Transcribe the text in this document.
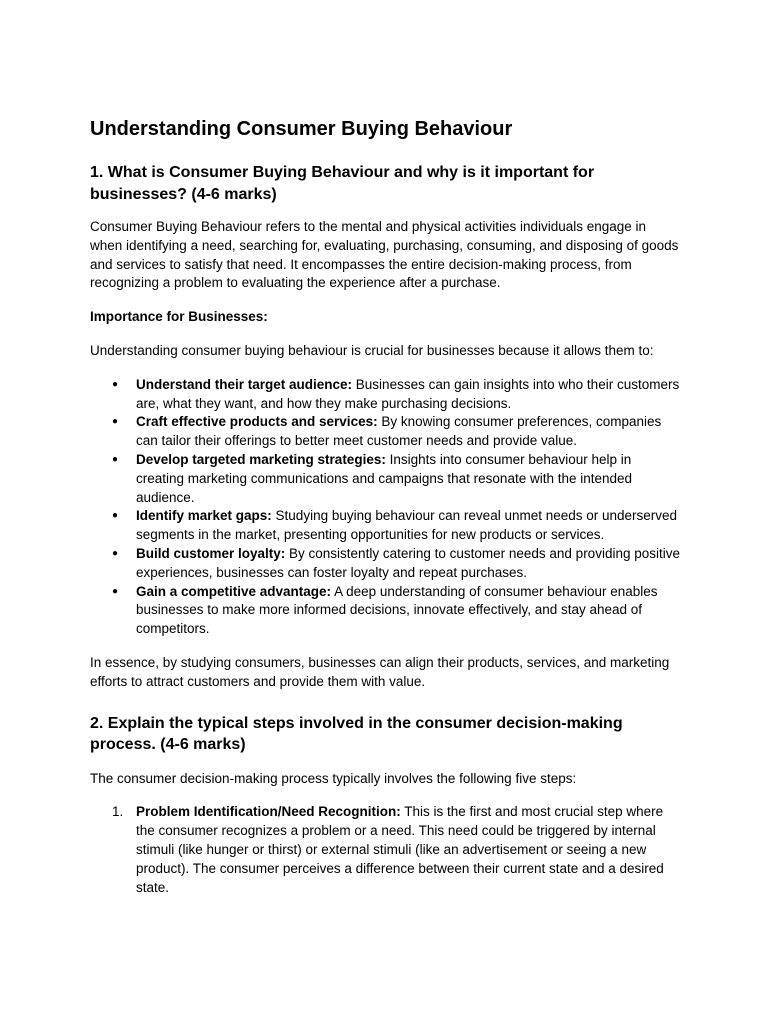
Understanding Consumer Buying Behaviour
1. What is Consumer Buying Behaviour and why is it important for businesses? (4-6 marks)

Consumer Buying Behaviour refers to the mental and physical activities individuals engage in when identifying a need, searching for, evaluating, purchasing, consuming, and disposing of goods and services to satisfy that need. It encompasses the entire decision-making process, from recognizing a problem to evaluating the experience after a purchase.

Importance for Businesses:

Understanding consumer buying behaviour is crucial for businesses because it allows them to:

● Understand their target audience: Businesses can gain insights into who their customers are, what they want, and how they make purchasing decisions.
● Craft effective products and services: By knowing consumer preferences, companies can tailor their offerings to better meet customer needs and provide value.
● Develop targeted marketing strategies: Insights into consumer behaviour help in creating marketing communications and campaigns that resonate with the intended audience.
● Identify market gaps: Studying buying behaviour can reveal unmet needs or underserved segments in the market, presenting opportunities for new products or services.
● Build customer loyalty: By consistently catering to customer needs and providing positive experiences, businesses can foster loyalty and repeat purchases.
● Gain a competitive advantage: A deep understanding of consumer behaviour enables businesses to make more informed decisions, innovate effectively, and stay ahead of competitors.

In essence, by studying consumers, businesses can align their products, services, and marketing efforts to attract customers and provide them with value.

2. Explain the typical steps involved in the consumer decision-making process. (4-6 marks)

The consumer decision-making process typically involves the following five steps:

1. Problem Identification/Need Recognition: This is the first and most crucial step where the consumer recognizes a problem or a need. This need could be triggered by internal stimuli (like hunger or thirst) or external stimuli (like an advertisement or seeing a new product). The consumer perceives a difference between their current state and a desired state.
